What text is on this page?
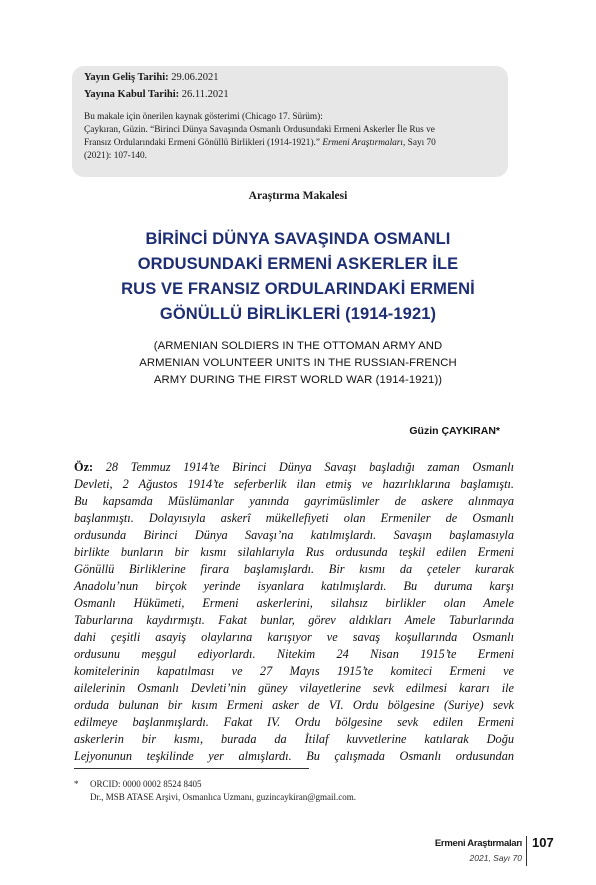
Yayın Geliş Tarihi: 29.06.2021
Yayına Kabul Tarihi: 26.11.2021
Bu makale için önerilen kaynak gösterimi (Chicago 17. Sürüm):
Çaykıran, Güzin. “Birinci Dünya Savaşında Osmanlı Ordusundaki Ermeni Askerler İle Rus ve
Fransız Ordularındaki Ermeni Gönüllü Birlikleri (1914-1921).” Ermeni Araştırmaları, Sayı 70
(2021): 107-140.
Araştırma Makalesi
BİRİNCİ DÜNYA SAVAŞINDA OSMANLI
ORDUSUNDAKİ ERMENİ ASKERLER İLE
RUS VE FRANSIZ ORDULARINDAKİ ERMENİ
GÖNÜLLÜ BİRLİKLERİ (1914-1921)
(ARMENIAN SOLDIERS IN THE OTTOMAN ARMY AND
ARMENIAN VOLUNTEER UNITS IN THE RUSSIAN-FRENCH
ARMY DURING THE FIRST WORLD WAR (1914-1921))
Güzin ÇAYKIRAN*
Öz: 28 Temmuz 1914’te Birinci Dünya Savaşı başladığı zaman Osmanlı
Devleti, 2 Ağustos 1914’te seferberlik ilan etmiş ve hazırlıklarına başlamıştı.
Bu kapsamda Müslümanlar yanında gayrimüslimler de askere alınmaya
başlanmıştı. Dolayısıyla askerî mükellefiyeti olan Ermeniler de Osmanlı
ordusunda Birinci Dünya Savaşı’na katılmışlardı. Savaşın başlamasıyla
birlikte bunların bir kısmı silahlarıyla Rus ordusunda teşkil edilen Ermeni
Gönüllü Birliklerine firara başlamışlardı. Bir kısmı da çeteler kurarak
Anadolu’nun birçok yerinde isyanlara katılmışlardı. Bu duruma karşı
Osmanlı Hükümeti, Ermeni askerlerini, silahsız birlikler olan Amele
Taburlarına kaydırmıştı. Fakat bunlar, görev aldıkları Amele Taburlarında
dahi çeşitli asayiş olaylarına karışıyor ve savaş koşullarında Osmanlı
ordusunu meşgul ediyorlardı. Nitekim 24 Nisan 1915’te Ermeni
komitelerinin kapatılması ve 27 Mayıs 1915’te komiteci Ermeni ve
ailelerinin Osmanlı Devleti’nin güney vilayetlerine sevk edilmesi kararı ile
orduda bulunan bir kısım Ermeni asker de VI. Ordu bölgesine (Suriye) sevk
edilmeye başlanmışlardı. Fakat IV. Ordu bölgesine sevk edilen Ermeni
askerlerin bir kısmı, burada da İtilaf kuvvetlerine katılarak Doğu
Lejyonunun teşkilinde yer almışlardı. Bu çalışmada Osmanlı ordusundan
* ORCID: 0000 0002 8524 8405
Dr., MSB ATASE Arşivi, Osmanlıca Uzmanı, guzincaykiran@gmail.com.
Ermeni Araştırmaları
2021, Sayı 70
107
